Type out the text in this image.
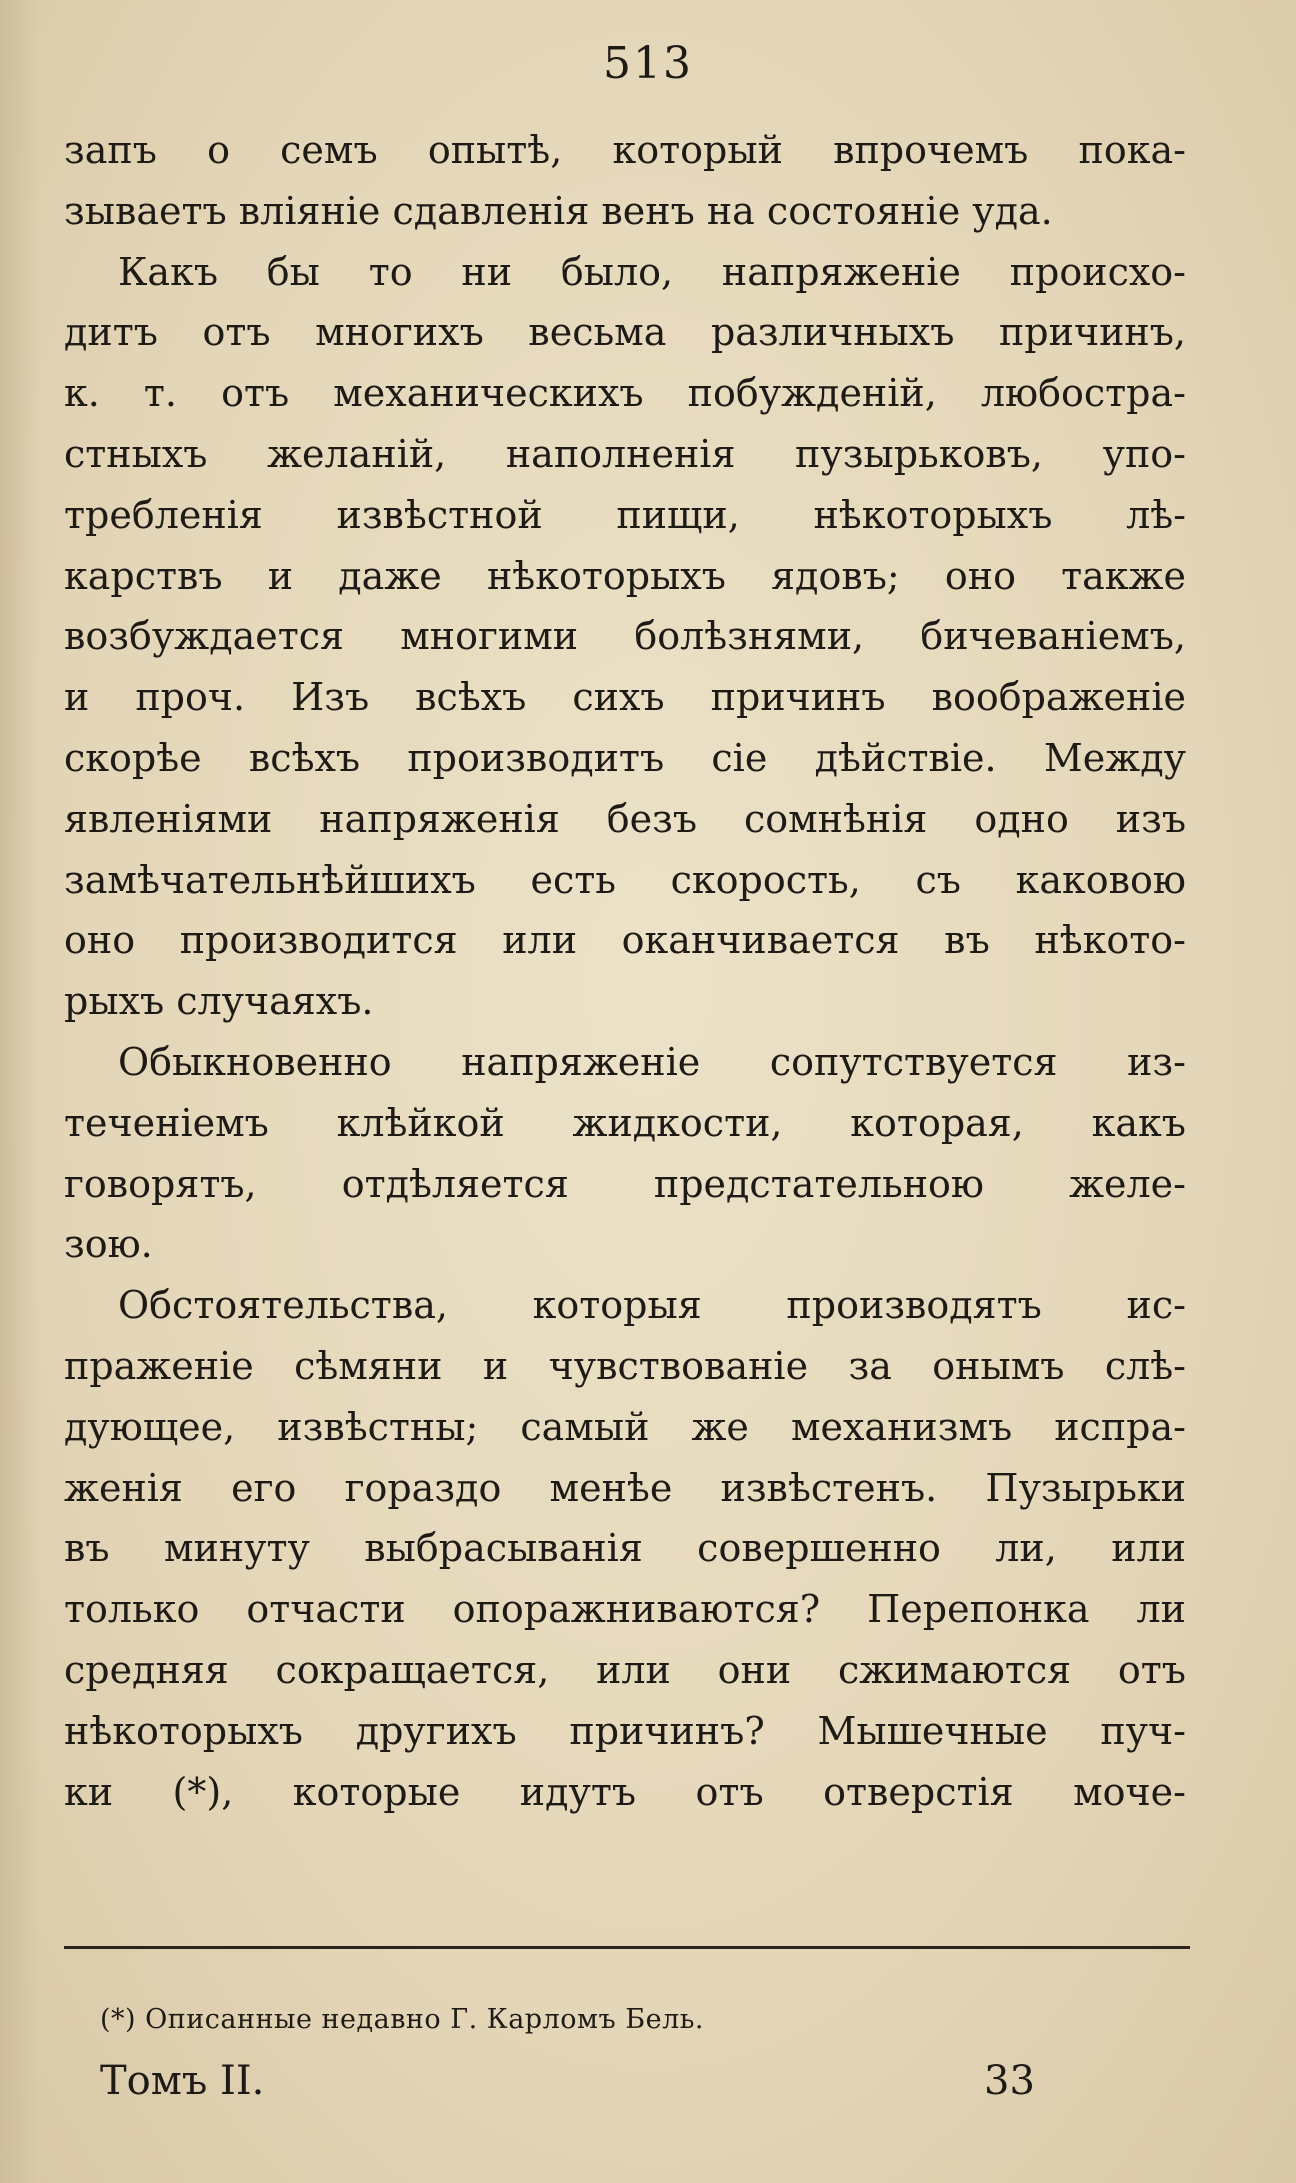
513
запъ о семъ опытѣ, который впрочемъ пока-
зываетъ вліяніе сдавленія венъ на состояніе уда.
Какъ бы то ни было, напряженіе происхо-
дитъ отъ многихъ весьма различныхъ причинъ,
к. т. отъ механическихъ побужденій, любостра-
стныхъ желаній, наполненія пузырьковъ, упо-
требленія извѣстной пищи, нѣкоторыхъ лѣ-
карствъ и даже нѣкоторыхъ ядовъ; оно также
возбуждается многими болѣзнями, бичеваніемъ,
и проч. Изъ всѣхъ сихъ причинъ воображеніе
скорѣе всѣхъ производитъ сіе дѣйствіе. Между
явленіями напряженія безъ сомнѣнія одно изъ
замѣчательнѣйшихъ есть скорость, съ каковою
оно производится или оканчивается въ нѣкото-
рыхъ случаяхъ.
Обыкновенно напряженіе сопутствуется из-
теченіемъ клѣйкой жидкости, которая, какъ
говорятъ, отдѣляется предстательною желе-
зою.
Обстоятельства, которыя производятъ ис-
праженіе сѣмяни и чувствованіе за онымъ слѣ-
дующее, извѣстны; самый же механизмъ испра-
женія его гораздо менѣе извѣстенъ. Пузырьки
въ минуту выбрасыванія совершенно ли, или
только отчасти опоражниваются? Перепонка ли
средняя сокращается, или они сжимаются отъ
нѣкоторыхъ другихъ причинъ? Мышечные пуч-
ки (*), которые идутъ отъ отверстія моче-
(*) Описанные недавно Г. Карломъ Бель.
Томъ II.	33
